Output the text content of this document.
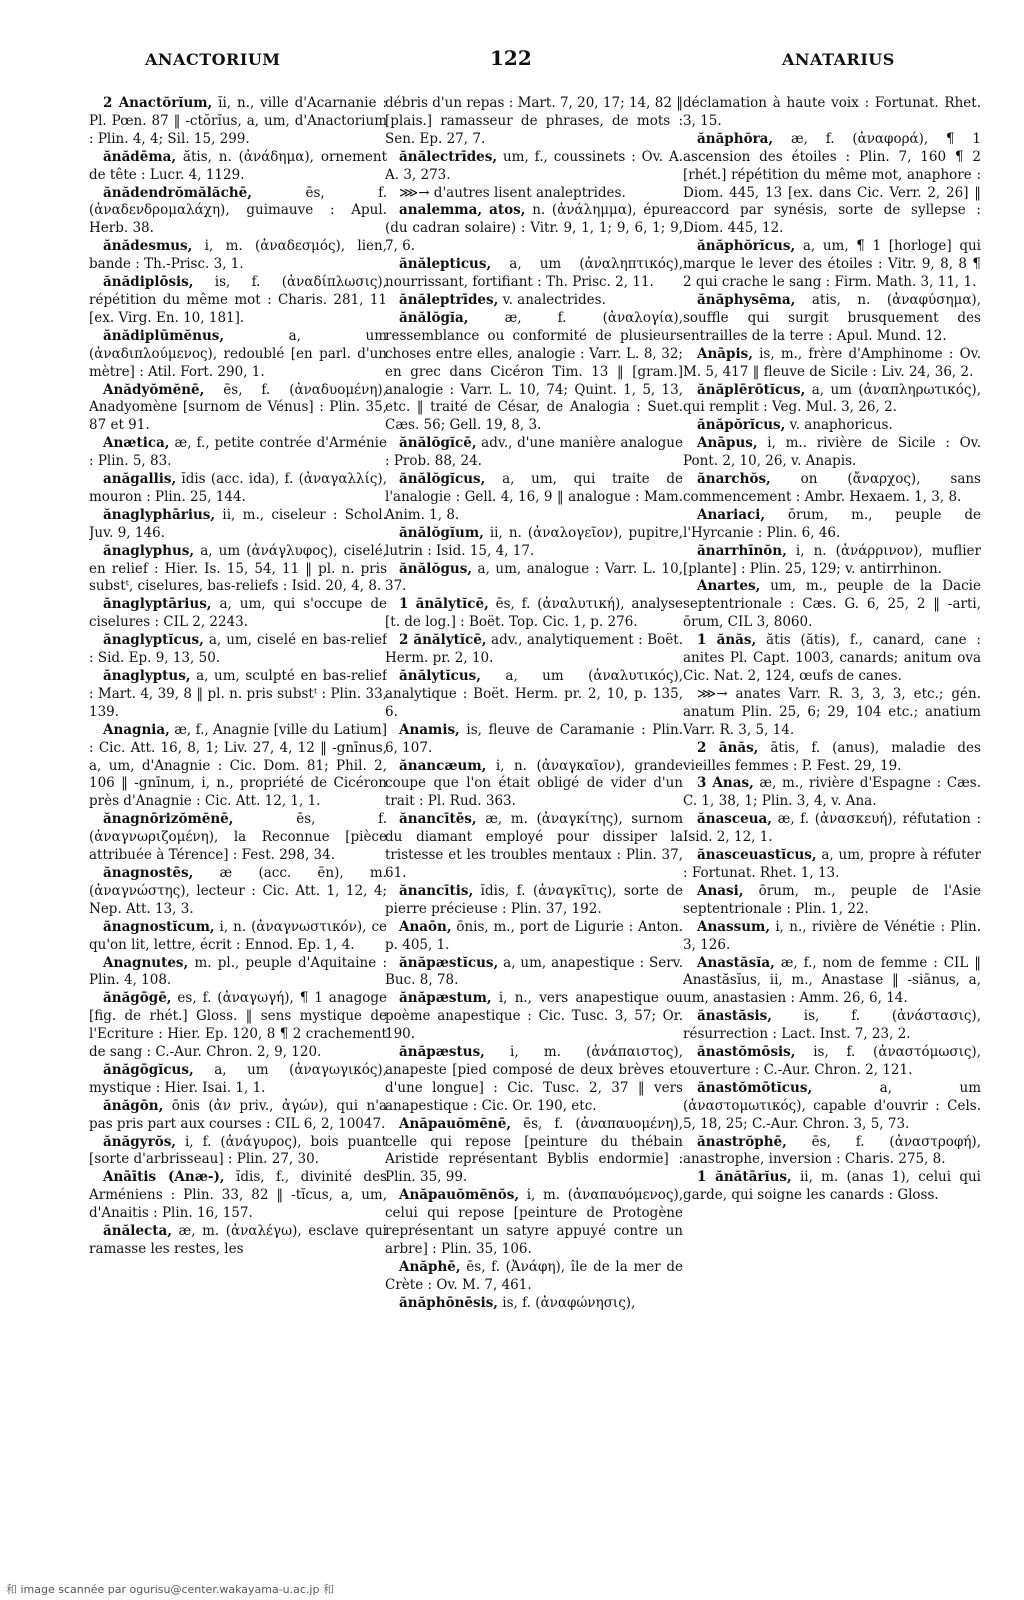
ANACTORIUM	122	ANATARIUS

2 Anactŏrĭum, ĭi, n., ville d'Acarnanie : Pl. Pœn. 87 ‖ -ctŏrĭus, a, um, d'Anactorium : Plin. 4, 4; Sil. 15, 299.

ănădēma, ătis, n. (ἀνάδημα), ornement de tête : Lucr. 4, 1129.

ănădendrŏmălăchē, ēs, f. (ἀναδενδρομαλάχη), guimauve : Apul. Herb. 38.

ănădesmus, i, m. (ἀναδεσμός), lien, bande : Th.-Prisc. 3, 1.

ănădiplōsis, is, f. (ἀναδίπλωσις), répétition du même mot : Charis. 281, 11 [ex. Virg. En. 10, 181].

ănădiplūmĕnus, a, um (ἀναδιπλούμενος), redoublé [en parl. d'un mètre] : Atil. Fort. 290, 1.

Anădyŏmĕnē, ēs, f. (ἀναδυομένη), Anadyomène [surnom de Vénus] : Plin. 35, 87 et 91.

Anætica, æ, f., petite contrée d'Arménie : Plin. 5, 83.

anăgallis, ĭdis (acc. ida), f. (ἀναγαλλίς), mouron : Plin. 25, 144.

ănaglyphārius, ii, m., ciseleur : Schol. Juv. 9, 146.

ănaglyphus, a, um (ἀνάγλυφος), ciselé, en relief : Hier. Is. 15, 54, 11 ‖ pl. n. pris substᵗ, ciselures, bas-reliefs : Isid. 20, 4, 8.

ănaglyptārius, a, um, qui s'occupe de ciselures : CIL 2, 2243.

ănaglyptĭcus, a, um, ciselé en bas-relief : Sid. Ep. 9, 13, 50.

ănaglyptus, a, um, sculpté en bas-relief : Mart. 4, 39, 8 ‖ pl. n. pris substᵗ : Plin. 33, 139.

Anagnia, æ, f., Anagnie [ville du Latium] : Cic. Att. 16, 8, 1; Liv. 27, 4, 12 ‖ -gnīnus, a, um, d'Anagnie : Cic. Dom. 81; Phil. 2, 106 ‖ -gnīnum, i, n., propriété de Cicéron près d'Anagnie : Cic. Att. 12, 1, 1.

ănagnōrizŏmĕnē, ēs, f. (ἀναγνωριζομένη), la Reconnue [pièce attribuée à Térence] : Fest. 298, 34.

ănagnostēs, æ (acc. ēn), m. (ἀναγνώστης), lecteur : Cic. Att. 1, 12, 4; Nep. Att. 13, 3.

ănagnostĭcum, i, n. (ἀναγνωστικόν), ce qu'on lit, lettre, écrit : Ennod. Ep. 1, 4.

Anagnutes, m. pl., peuple d'Aquitaine : Plin. 4, 108.

ănăgōgē, es, f. (ἀναγωγή), ¶ 1 anagoge [fig. de rhét.] Gloss. ‖ sens mystique de l'Ecriture : Hier. Ep. 120, 8 ¶ 2 crachement de sang : C.-Aur. Chron. 2, 9, 120.

ănăgōgĭcus, a, um (ἀναγωγικός), mystique : Hier. Isai. 1, 1.

ănăgōn, ōnis (ἀν priv., ἀγών), qui n'a pas pris part aux courses : CIL 6, 2, 10047.

ănăgyrŏs, i, f. (ἀνάγυρος), bois puant [sorte d'arbrisseau] : Plin. 27, 30.

Anāītis (Anæ-), ĭdis, f., divinité des Arméniens : Plin. 33, 82 ‖ -tĭcus, a, um, d'Anaitis : Plin. 16, 157.

ănălecta, æ, m. (ἀναλέγω), esclave qui ramasse les restes, les

débris d'un repas : Mart. 7, 20, 17; 14, 82 ‖ [plais.] ramasseur de phrases, de mots : Sen. Ep. 27, 7.

ănălectrīdes, um, f., coussinets : Ov. A. A. 3, 273.

⋙→ d'autres lisent analeptrides.

analemma, atos, n. (ἀνάλημμα), épure (du cadran solaire) : Vitr. 9, 1, 1; 9, 6, 1; 9, 7, 6.

ănălepticus, a, um (ἀναληπτικός), nourrissant, fortifiant : Th. Prisc. 2, 11.

ănăleptrīdes, v. analectrides.

ănălŏgĭa, æ, f. (ἀναλογία), ressemblance ou conformité de plusieurs choses entre elles, analogie : Varr. L. 8, 32; en grec dans Cicéron Tim. 13 ‖ [gram.] analogie : Varr. L. 10, 74; Quint. 1, 5, 13, etc. ‖ traité de César, de Analogia : Suet. Cæs. 56; Gell. 19, 8, 3.

ănălŏgĭcē, adv., d'une manière analogue : Prob. 88, 24.

ănălŏgĭcus, a, um, qui traite de l'analogie : Gell. 4, 16, 9 ‖ analogue : Mam. Anim. 1, 8.

ănălŏgĭum, ii, n. (ἀναλογεῖον), pupitre, lutrin : Isid. 15, 4, 17.

ănălŏgus, a, um, analogue : Varr. L. 10, 37.

1 ănălytĭcē, ēs, f. (ἀναλυτική), analyse [t. de log.] : Boët. Top. Cic. 1, p. 276.

2 ănălytĭcē, adv., analytiquement : Boët. Herm. pr. 2, 10.

ănălytĭcus, a, um (ἀναλυτικός), analytique : Boët. Herm. pr. 2, 10, p. 135, 6.

Anamis, is, fleuve de Caramanie : Plin. 6, 107.

ănancæum, i, n. (ἀναγκαῖον), grande coupe que l'on était obligé de vider d'un trait : Pl. Rud. 363.

ănancītēs, æ, m. (ἀναγκίτης), surnom du diamant employé pour dissiper la tristesse et les troubles mentaux : Plin. 37, 61.

ănancītis, ĭdis, f. (ἀναγκῖτις), sorte de pierre précieuse : Plin. 37, 192.

Anaōn, ōnis, m., port de Ligurie : Anton. p. 405, 1.

ănăpæstĭcus, a, um, anapestique : Serv. Buc. 8, 78.

ănăpæstum, i, n., vers anapestique ou poème anapestique : Cic. Tusc. 3, 57; Or. 190.

ănăpæstus, i, m. (ἀνάπαιστος), anapeste [pied composé de deux brèves et d'une longue] : Cic. Tusc. 2, 37 ‖ vers anapestique : Cic. Or. 190, etc.

Anăpauŏmĕnē, ēs, f. (ἀναπαυομένη), celle qui repose [peinture du thébain Aristide représentant Byblis endormie] : Plin. 35, 99.

Anăpauŏmĕnŏs, i, m. (ἀναπαυόμενος), celui qui repose [peinture de Protogène représentant un satyre appuyé contre un arbre] : Plin. 35, 106.

Anăphē, ēs, f. (Ἀνάφη), île de la mer de Crète : Ov. M. 7, 461.

ănăphōnēsis, is, f. (ἀναφώνησις),

déclamation à haute voix : Fortunat. Rhet. 3, 15.

ănăphŏra, æ, f. (ἀναφορά), ¶ 1 ascension des étoiles : Plin. 7, 160 ¶ 2 [rhét.] répétition du même mot, anaphore : Diom. 445, 13 [ex. dans Cic. Verr. 2, 26] ‖ accord par synésis, sorte de syllepse : Diom. 445, 12.

ănăphŏrĭcus, a, um, ¶ 1 [horloge] qui marque le lever des étoiles : Vitr. 9, 8, 8 ¶ 2 qui crache le sang : Firm. Math. 3, 11, 1.

ănăphysēma, atis, n. (ἀναφύσημα), souffle qui surgit brusquement des entrailles de la terre : Apul. Mund. 12.

Anāpis, is, m., frère d'Amphinome : Ov. M. 5, 417 ‖ fleuve de Sicile : Liv. 24, 36, 2.

ănăplērōtĭcus, a, um (ἀναπληρωτικός), qui remplit : Veg. Mul. 3, 26, 2.

ănăpŏrĭcus, v. anaphoricus.

Anāpus, i, m.. rivière de Sicile : Ov. Pont. 2, 10, 26, v. Anapis.

ănarchŏs, on (ἄναρχος), sans commencement : Ambr. Hexaem. 1, 3, 8.

Anariaci, ōrum, m., peuple de l'Hyrcanie : Plin. 6, 46.

ănarrhīnŏn, i, n. (ἀνάρρινον), muflier [plante] : Plin. 25, 129; v. antirrhinon.

Anartes, um, m., peuple de la Dacie septentrionale : Cæs. G. 6, 25, 2 ‖ -arti, ōrum, CIL 3, 8060.

1 ănăs, ătis (ătis), f., canard, cane : anites Pl. Capt. 1003, canards; anitum ova Cic. Nat. 2, 124, œufs de canes.

⋙→ anates Varr. R. 3, 3, 3, etc.; gén. anatum Plin. 25, 6; 29, 104 etc.; anatium Varr. R. 3, 5, 14.

2 ānăs, ātis, f. (anus), maladie des vieilles femmes : P. Fest. 29, 19.

3 Anas, æ, m., rivière d'Espagne : Cæs. C. 1, 38, 1; Plin. 3, 4, v. Ana.

ănasceua, æ, f. (ἀνασκευή), réfutation : Isid. 2, 12, 1.

ănasceuastĭcus, a, um, propre à réfuter : Fortunat. Rhet. 1, 13.

Anasi, ōrum, m., peuple de l'Asie septentrionale : Plin. 1, 22.

Anassum, i, n., rivière de Vénétie : Plin. 3, 126.

Anastăsĭa, æ, f., nom de femme : CIL ‖ Anastăsĭus, ii, m., Anastase ‖ -siānus, a, um, anastasien : Amm. 26, 6, 14.

ănastăsis, is, f. (ἀνάστασις), résurrection : Lact. Inst. 7, 23, 2.

ănastŏmōsis, is, f. (ἀναστόμωσις), ouverture : C.-Aur. Chron. 2, 121.

ănastŏmōtĭcus, a, um (ἀναστομωτικός), capable d'ouvrir : Cels. 5, 18, 25; C.-Aur. Chron. 3, 5, 73.

ănastrŏphē, ēs, f. (ἀναστροφή), anastrophe, inversion : Charis. 275, 8.

1 ănătārĭus, ii, m. (anas 1), celui qui garde, qui soigne les canards : Gloss.

和 image scannée par ogurisu@center.wakayama-u.ac.jp 和
